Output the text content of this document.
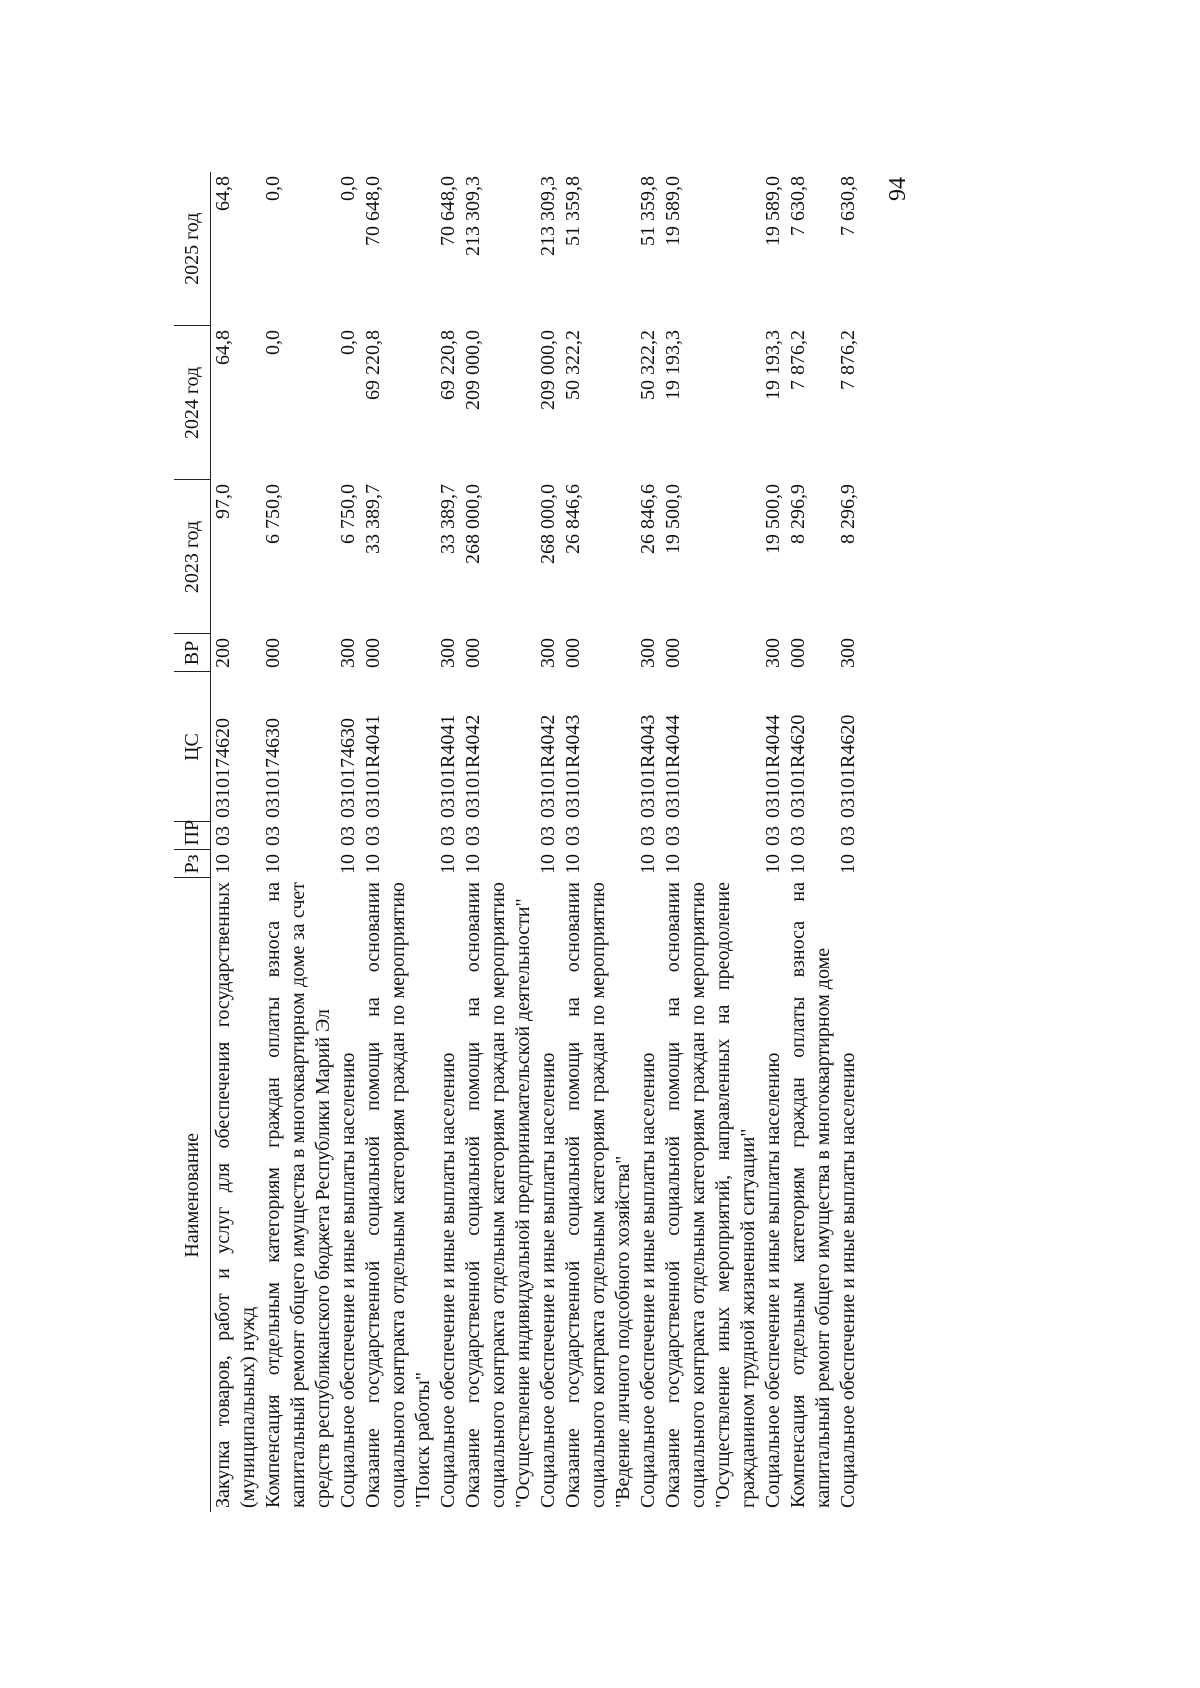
94
Наименование	Рз	ПР	ЦС	ВР	2023 год	2024 год	2025 год
Закупка товаров, работ и услуг для обеспечения государственных (муниципальных) нужд	10	03	0310174620	200	97,0	64,8	64,8
Компенсация отдельным категориям граждан оплаты взноса на капитальный ремонт общего имущества в многоквартирном доме за счет средств республиканского бюджета Республики Марий Эл	10	03	0310174630	000	6 750,0	0,0	0,0
Социальное обеспечение и иные выплаты населению	10	03	0310174630	300	6 750,0	0,0	0,0
Оказание государственной социальной помощи на основании социального контракта отдельным категориям граждан по мероприятию "Поиск работы"	10	03	03101R4041	000	33 389,7	69 220,8	70 648,0
Социальное обеспечение и иные выплаты населению	10	03	03101R4041	300	33 389,7	69 220,8	70 648,0
Оказание государственной социальной помощи на основании социального контракта отдельным категориям граждан по мероприятию "Осуществление индивидуальной предпринимательской деятельности"	10	03	03101R4042	000	268 000,0	209 000,0	213 309,3
Социальное обеспечение и иные выплаты населению	10	03	03101R4042	300	268 000,0	209 000,0	213 309,3
Оказание государственной социальной помощи на основании социального контракта отдельным категориям граждан по мероприятию "Ведение личного подсобного хозяйства"	10	03	03101R4043	000	26 846,6	50 322,2	51 359,8
Социальное обеспечение и иные выплаты населению	10	03	03101R4043	300	26 846,6	50 322,2	51 359,8
Оказание государственной социальной помощи на основании социального контракта отдельным категориям граждан по мероприятию "Осуществление иных мероприятий, направленных на преодоление гражданином трудной жизненной ситуации"	10	03	03101R4044	000	19 500,0	19 193,3	19 589,0
Социальное обеспечение и иные выплаты населению	10	03	03101R4044	300	19 500,0	19 193,3	19 589,0
Компенсация отдельным категориям граждан оплаты взноса на капитальный ремонт общего имущества в многоквартирном доме	10	03	03101R4620	000	8 296,9	7 876,2	7 630,8
Социальное обеспечение и иные выплаты населению	10	03	03101R4620	300	8 296,9	7 876,2	7 630,8
